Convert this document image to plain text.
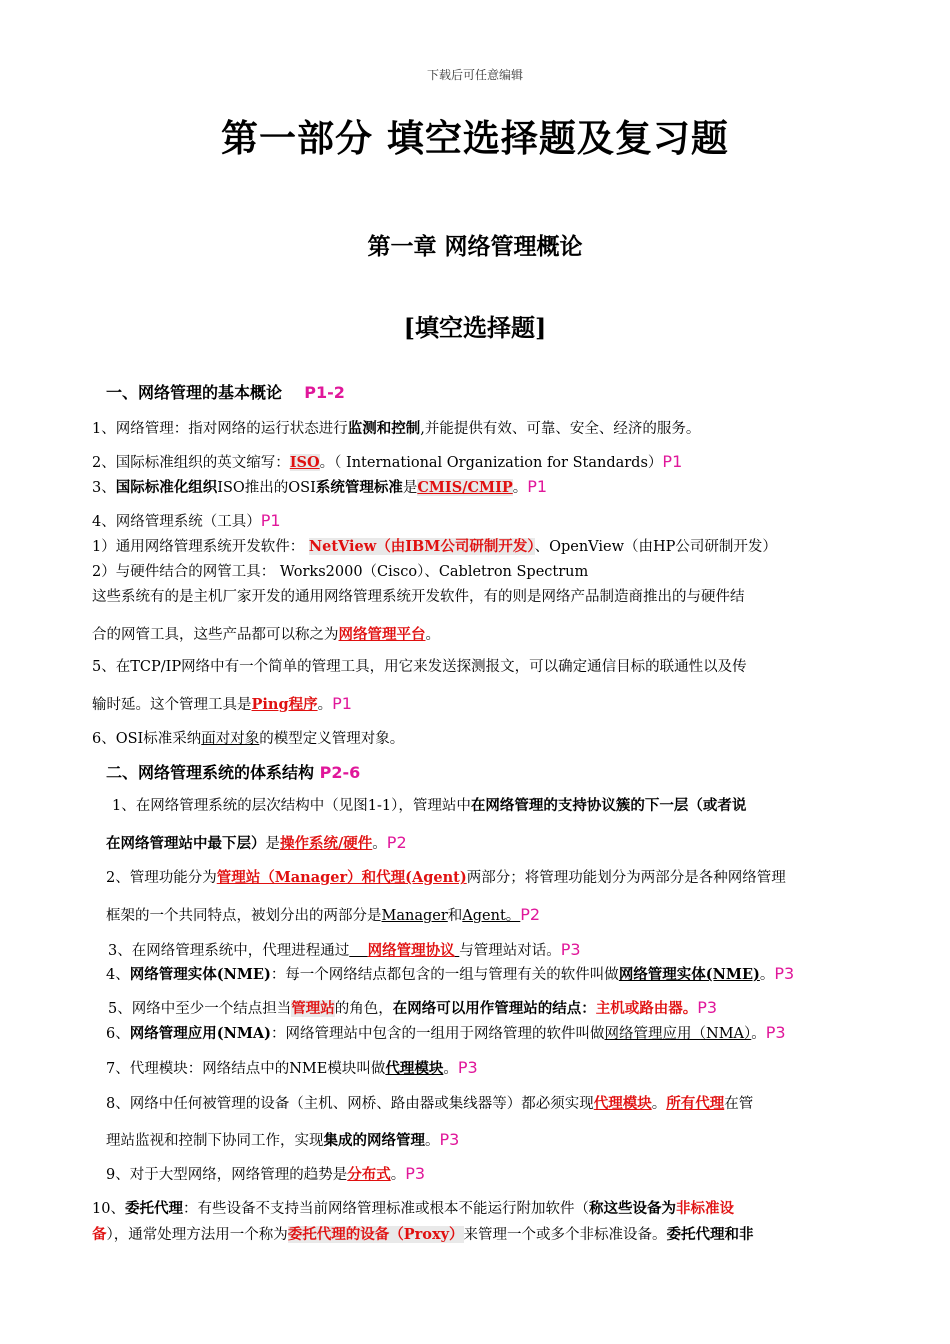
下载后可任意编辑
第一部分 填空选择题及复习题
第一章 网络管理概论
[填空选择题]
一、网络管理的基本概论 P1-2
1、网络管理：指对网络的运行状态进行监测和控制,并能提供有效、可靠、安全、经济的服务。
2、国际标准组织的英文缩写：ISO。（ International Organization for Standards）P1
3、国际标准化组织ISO推出的OSI系统管理标准是CMIS/CMIP。P1
4、网络管理系统（工具）P1
1）通用网络管理系统开发软件： NetView（由IBM公司研制开发）、OpenView（由HP公司研制开发）
2）与硬件结合的网管工具： Works2000（Cisco）、Cabletron Spectrum
这些系统有的是主机厂家开发的通用网络管理系统开发软件，有的则是网络产品制造商推出的与硬件结
合的网管工具，这些产品都可以称之为网络管理平台。
5、在TCP/IP网络中有一个简单的管理工具，用它来发送探测报文，可以确定通信目标的联通性以及传
输时延。这个管理工具是Ping程序。P1
6、OSI标准采纳面对对象的模型定义管理对象。
二、网络管理系统的体系结构 P2-6
1、在网络管理系统的层次结构中（见图1-1），管理站中在网络管理的支持协议簇的下一层（或者说
在网络管理站中最下层）是操作系统/硬件。P2
2、管理功能分为管理站（Manager）和代理(Agent)两部分；将管理功能划分为两部分是各种网络管理
框架的一个共同特点，被划分出的两部分是Manager和Agent。P2
3、在网络管理系统中，代理进程通过 网络管理协议 与管理站对话。P3
4、网络管理实体(NME)：每一个网络结点都包含的一组与管理有关的软件叫做网络管理实体(NME)。P3
5、网络中至少一个结点担当管理站的角色，在网络可以用作管理站的结点：主机或路由器。P3
6、网络管理应用(NMA)：网络管理站中包含的一组用于网络管理的软件叫做网络管理应用（NMA）。P3
7、代理模块：网络结点中的NME模块叫做代理模块。P3
8、网络中任何被管理的设备（主机、网桥、路由器或集线器等）都必须实现代理模块。所有代理在管
理站监视和控制下协同工作，实现集成的网络管理。P3
9、对于大型网络，网络管理的趋势是分布式。P3
10、委托代理：有些设备不支持当前网络管理标准或根本不能运行附加软件（称这些设备为非标准设
备），通常处理方法用一个称为委托代理的设备（Proxy）来管理一个或多个非标准设备。委托代理和非
